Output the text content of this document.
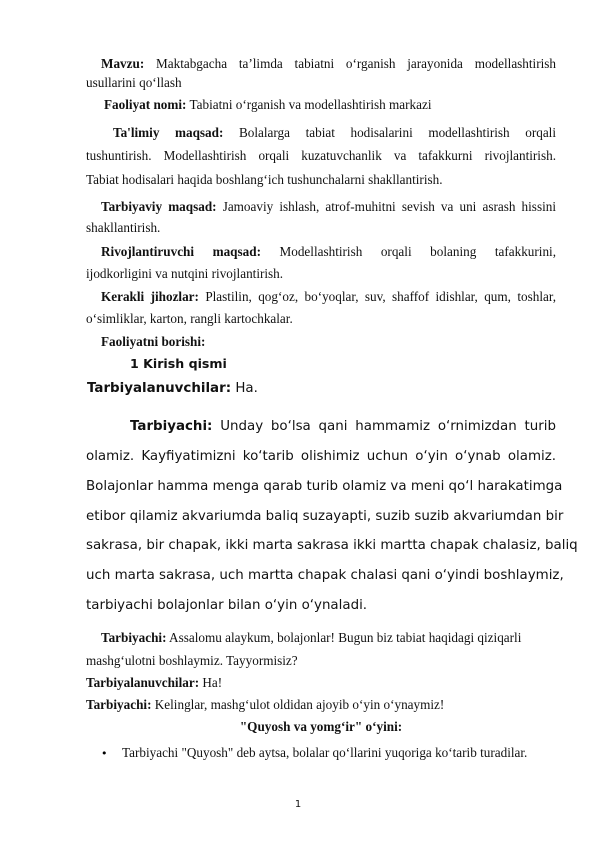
Mavzu: Maktabgacha ta’limda tabiatni o‘rganish jarayonida modellashtirish
usullarini qo‘llash
Faoliyat nomi: Tabiatni o‘rganish va modellashtirish markazi
Ta'limiy maqsad: Bolalarga tabiat hodisalarini modellashtirish orqali
tushuntirish. Modellashtirish orqali kuzatuvchanlik va tafakkurni rivojlantirish.
Tabiat hodisalari haqida boshlang‘ich tushunchalarni shakllantirish.
Tarbiyaviy maqsad: Jamoaviy ishlash, atrof-muhitni sevish va uni asrash hissini
shakllantirish.
Rivojlantiruvchi maqsad: Modellashtirish orqali bolaning tafakkurini,
ijodkorligini va nutqini rivojlantirish.
Kerakli jihozlar: Plastilin, qog‘oz, bo‘yoqlar, suv, shaffof idishlar, qum, toshlar,
o‘simliklar, karton, rangli kartochkalar.
Faoliyatni borishi:
1 Kirish qismi
Tarbiyalanuvchilar: Ha.
Tarbiyachi: Unday bo‘lsa qani hammamiz o‘rnimizdan turib
olamiz. Kayfiyatimizni ko‘tarib olishimiz uchun o‘yin o‘ynab olamiz.
Bolajonlar hamma menga qarab turib olamiz va meni qo‘l harakatimga
etibor qilamiz akvariumda baliq suzayapti, suzib suzib akvariumdan bir
sakrasa, bir chapak, ikki marta sakrasa ikki martta chapak chalasiz, baliq
uch marta sakrasa, uch martta chapak chalasi qani o‘yindi boshlaymiz,
tarbiyachi bolajonlar bilan o‘yin o‘ynaladi.
Tarbiyachi: Assalomu alaykum, bolajonlar! Bugun biz tabiat haqidagi qiziqarli
mashg‘ulotni boshlaymiz. Tayyormisiz?
Tarbiyalanuvchilar: Ha!
Tarbiyachi: Kelinglar, mashg‘ulot oldidan ajoyib o‘yin o‘ynaymiz!
"Quyosh va yomg‘ir" o‘yini:
• Tarbiyachi "Quyosh" deb aytsa, bolalar qo‘llarini yuqoriga ko‘tarib turadilar.
1
